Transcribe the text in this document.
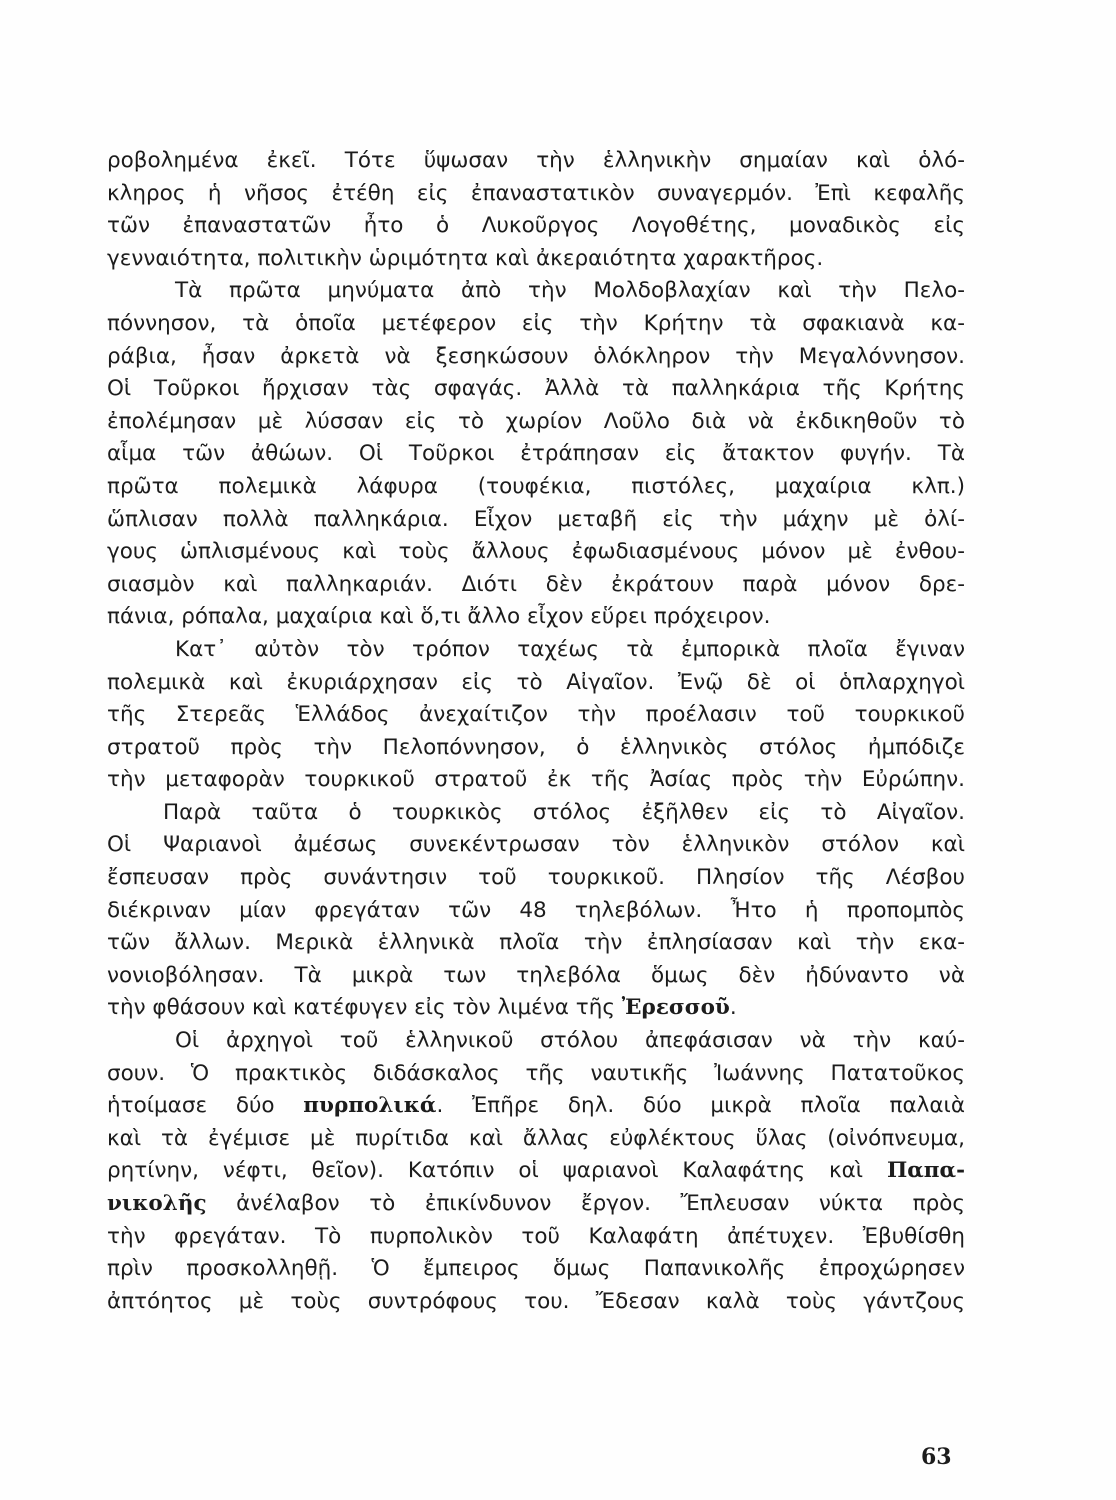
ροβολημένα ἐκεῖ. Τότε ὕψωσαν τὴν ἑλληνικὴν σημαίαν καὶ ὁλό-
κληρος ἡ νῆσος ἐτέθη εἰς ἐπαναστατικὸν συναγερμόν. Ἐπὶ κεφαλῆς
τῶν ἐπαναστατῶν ἦτο ὁ Λυκοῦργος Λογοθέτης, μοναδικὸς εἰς
γενναιότητα, πολιτικὴν ὡριμότητα καὶ ἀκεραιότητα χαρακτῆρος.
Τὰ πρῶτα μηνύματα ἀπὸ τὴν Μολδοβλαχίαν καὶ τὴν Πελο-
πόννησον, τὰ ὁποῖα μετέφερον εἰς τὴν Κρήτην τὰ σφακιανὰ κα-
ράβια, ἦσαν ἀρκετὰ νὰ ξεσηκώσουν ὁλόκληρον τὴν Μεγαλόννησον.
Οἱ Τοῦρκοι ἤρχισαν τὰς σφαγάς. Ἀλλὰ τὰ παλληκάρια τῆς Κρήτης
ἐπολέμησαν μὲ λύσσαν εἰς τὸ χωρίον Λοῦλο διὰ νὰ ἐκδικηθοῦν τὸ
αἷμα τῶν ἀθώων. Οἱ Τοῦρκοι ἐτράπησαν εἰς ἄτακτον φυγήν. Τὰ
πρῶτα πολεμικὰ λάφυρα (τουφέκια, πιστόλες, μαχαίρια κλπ.)
ὥπλισαν πολλὰ παλληκάρια. Εἶχον μεταβῆ εἰς τὴν μάχην μὲ ὀλί-
γους ὡπλισμένους καὶ τοὺς ἄλλους ἐφωδιασμένους μόνον μὲ ἐνθου-
σιασμὸν καὶ παλληκαριάν. Διότι δὲν ἐκράτουν παρὰ μόνον δρε-
πάνια, ρόπαλα, μαχαίρια καὶ ὅ,τι ἄλλο εἶχον εὕρει πρόχειρον.
Κατ᾽ αὐτὸν τὸν τρόπον ταχέως τὰ ἐμπορικὰ πλοῖα ἔγιναν
πολεμικὰ καὶ ἐκυριάρχησαν εἰς τὸ Αἰγαῖον. Ἐνῷ δὲ οἱ ὁπλαρχηγοὶ
τῆς Στερεᾶς Ἑλλάδος ἀνεχαίτιζον τὴν προέλασιν τοῦ τουρκικοῦ
στρατοῦ πρὸς τὴν Πελοπόννησον, ὁ ἑλληνικὸς στόλος ἠμπόδιζε
τὴν μεταφορὰν τουρκικοῦ στρατοῦ ἐκ τῆς Ἀσίας πρὸς τὴν Εὐρώπην.
Παρὰ ταῦτα ὁ τουρκικὸς στόλος ἐξῆλθεν εἰς τὸ Αἰγαῖον.
Οἱ Ψαριανοὶ ἀμέσως συνεκέντρωσαν τὸν ἑλληνικὸν στόλον καὶ
ἔσπευσαν πρὸς συνάντησιν τοῦ τουρκικοῦ. Πλησίον τῆς Λέσβου
διέκριναν μίαν φρεγάταν τῶν 48 τηλεβόλων. Ἦτο ἡ προπομπὸς
τῶν ἄλλων. Μερικὰ ἑλληνικὰ πλοῖα τὴν ἐπλησίασαν καὶ τὴν εκα-
νονιοβόλησαν. Τὰ μικρὰ των τηλεβόλα ὅμως δὲν ἠδύναντο νὰ
τὴν φθάσουν καὶ κατέφυγεν εἰς τὸν λιμένα τῆς Ἐρεσσοῦ.
Οἱ ἀρχηγοὶ τοῦ ἑλληνικοῦ στόλου ἀπεφάσισαν νὰ τὴν καύ-
σουν. Ὁ πρακτικὸς διδάσκαλος τῆς ναυτικῆς Ἰωάννης Πατατοῦκος
ἡτοίμασε δύο πυρπολικά. Ἐπῆρε δηλ. δύο μικρὰ πλοῖα παλαιὰ
καὶ τὰ ἐγέμισε μὲ πυρίτιδα καὶ ἄλλας εὐφλέκτους ὕλας (οἰνόπνευμα,
ρητίνην, νέφτι, θεῖον). Κατόπιν οἱ ψαριανοὶ Καλαφάτης καὶ Παπα-
νικολῆς ἀνέλαβον τὸ ἐπικίνδυνον ἔργον. Ἔπλευσαν νύκτα πρὸς
τὴν φρεγάταν. Τὸ πυρπολικὸν τοῦ Καλαφάτη ἀπέτυχεν. Ἐβυθίσθη
πρὶν προσκολληθῇ. Ὁ ἔμπειρος ὅμως Παπανικολῆς ἐπροχώρησεν
ἀπτόητος μὲ τοὺς συντρόφους του. Ἔδεσαν καλὰ τοὺς γάντζους
63
